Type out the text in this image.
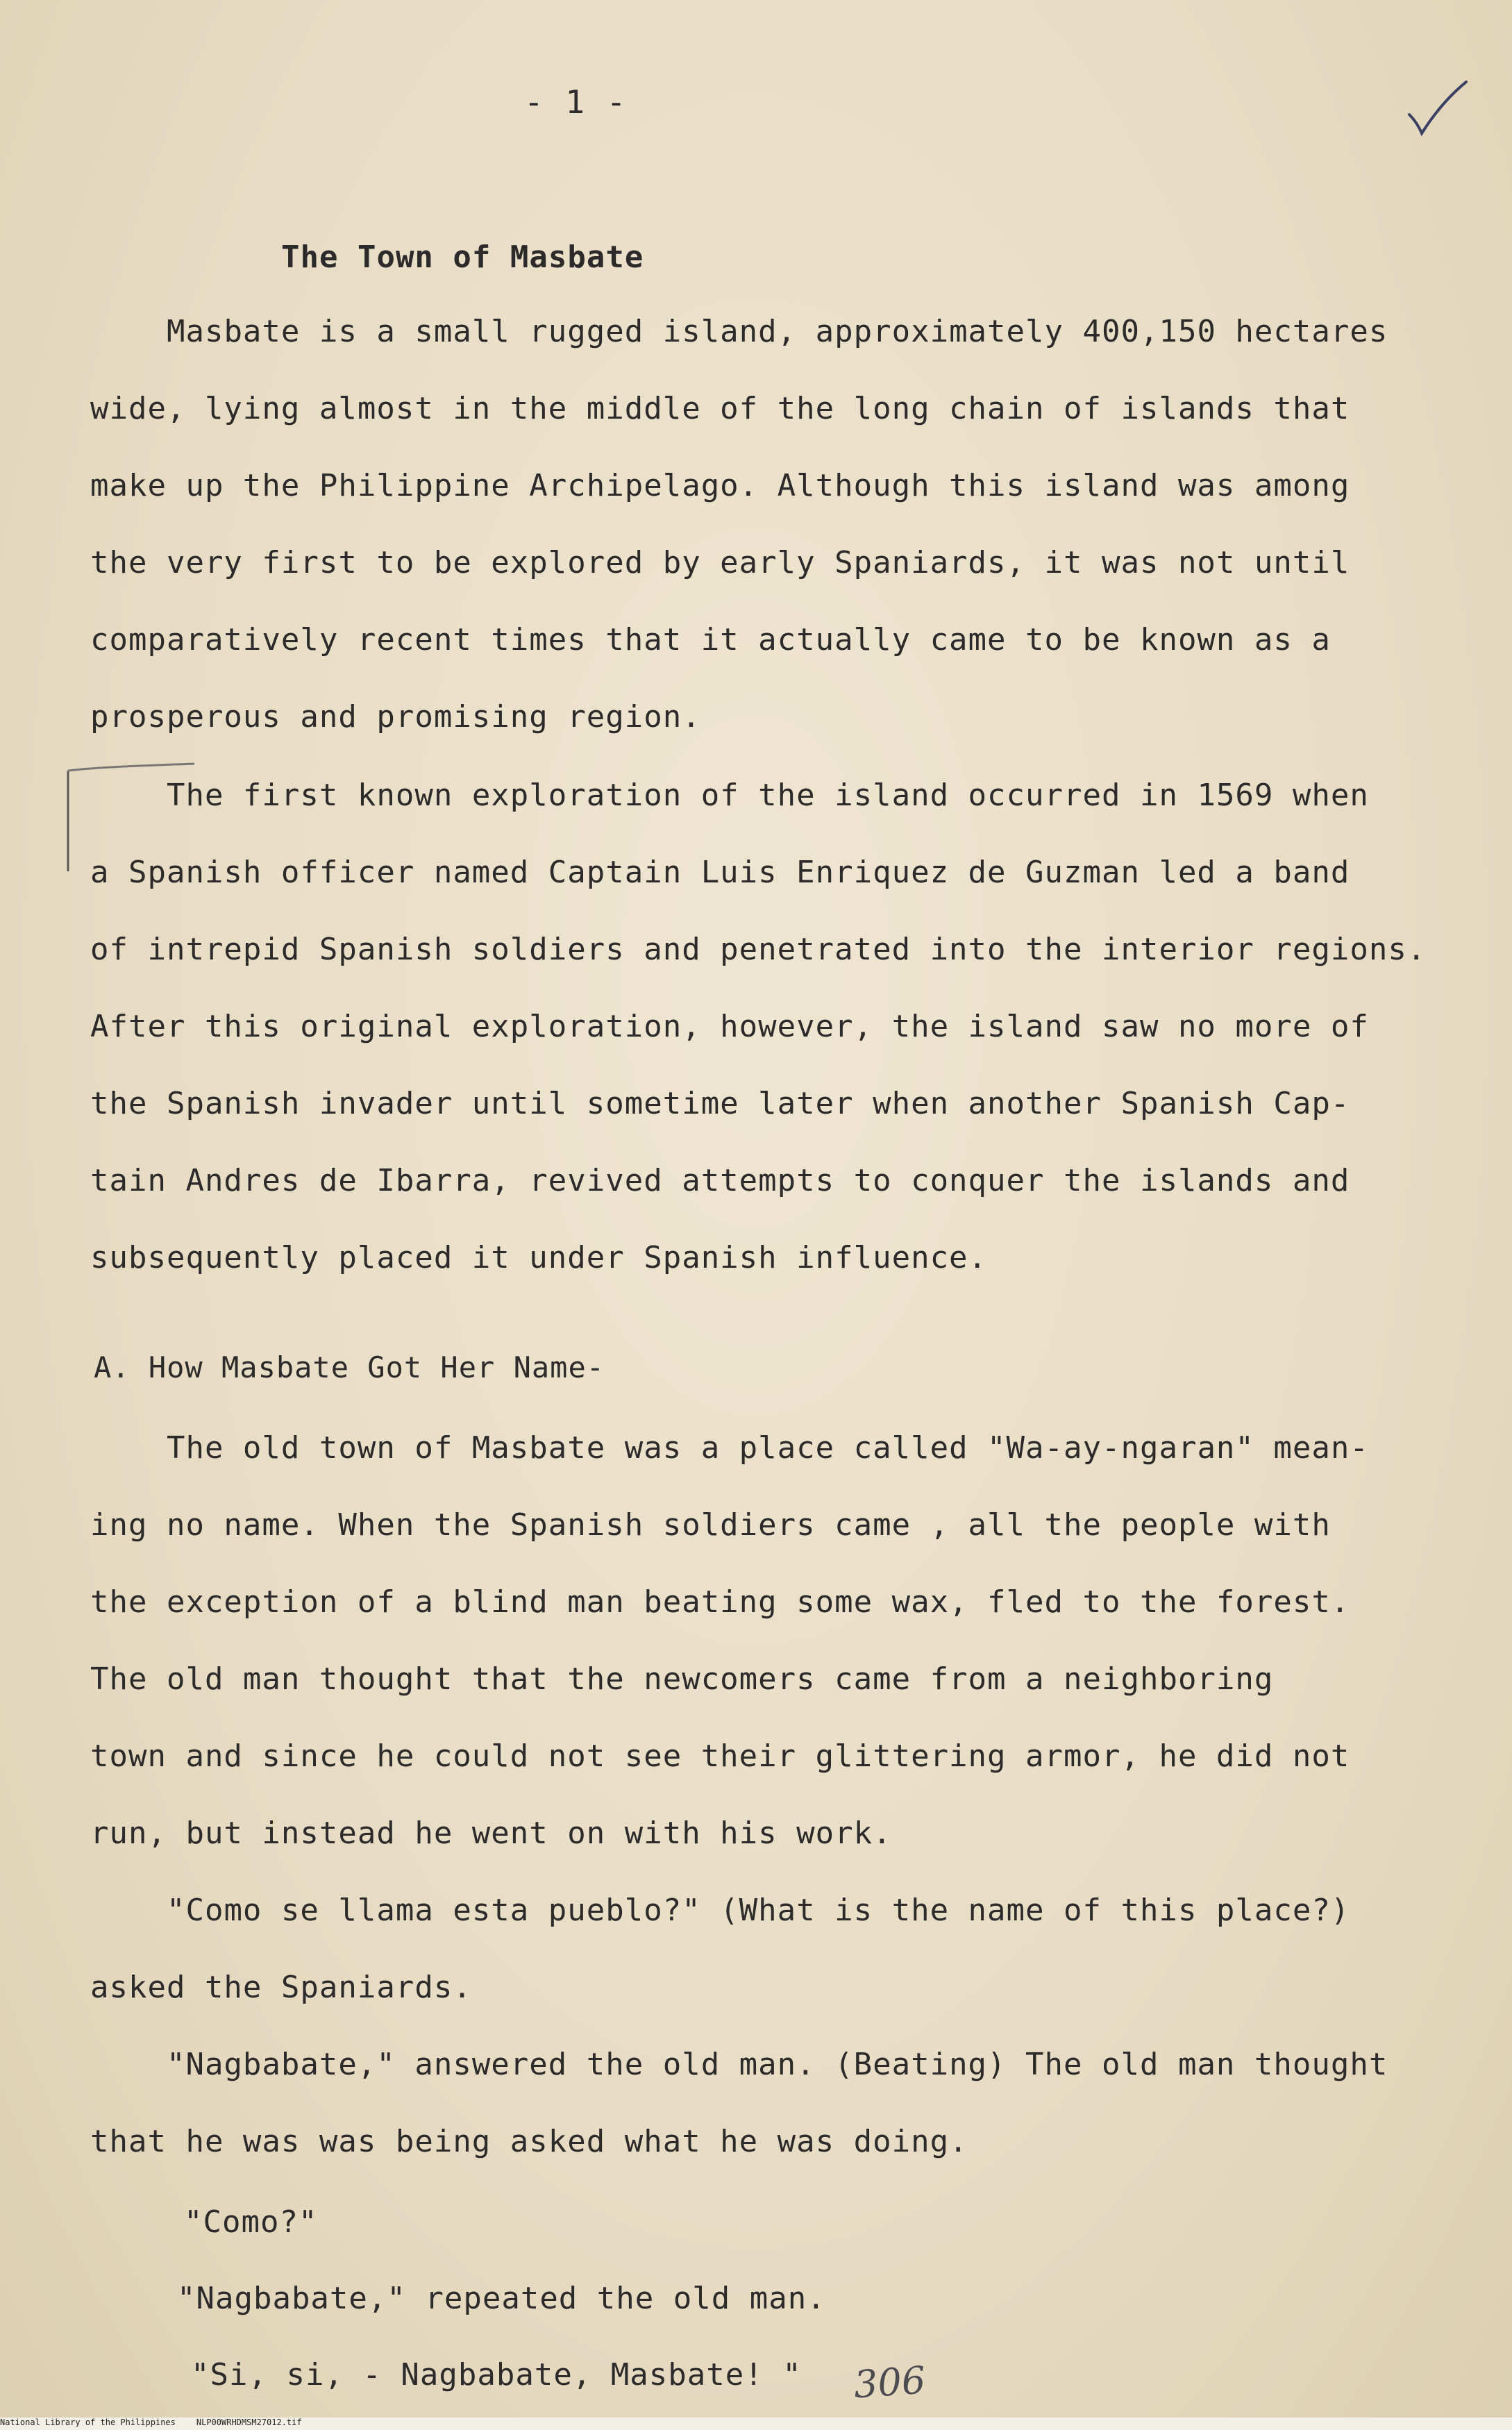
- 1 -
The Town of Masbate
Masbate is a small rugged island, approximately 400,150 hectares
wide, lying almost in the middle of the long chain of islands that
make up the Philippine Archipelago. Although this island was among
the very first to be explored by early Spaniards, it was not until
comparatively recent times that it actually came to be known as a
prosperous and promising region.
The first known exploration of the island occurred in 1569 when
a Spanish officer named Captain Luis Enriquez de Guzman led a band
of intrepid Spanish soldiers and penetrated into the interior regions.
After this original exploration, however, the island saw no more of
the Spanish invader until sometime later when another Spanish Cap-
tain Andres de Ibarra, revived attempts to conquer the islands and
subsequently placed it under Spanish influence.
A. How Masbate Got Her Name-
The old town of Masbate was a place called "Wa-ay-ngaran" mean-
ing no name. When the Spanish soldiers came , all the people with
the exception of a blind man beating some wax, fled to the forest.
The old man thought that the newcomers came from a neighboring
town and since he could not see their glittering armor, he did not
run, but instead he went on with his work.
"Como se llama esta pueblo?" (What is the name of this place?)
asked the Spaniards.
"Nagbabate," answered the old man. (Beating) The old man thought
that he was was being asked what he was doing.
"Como?"
"Nagbabate," repeated the old man.
"Si, si, - Nagbabate, Masbate! " 306
National Library of the Philippines	NLP00WRHDMSM27012.tif
